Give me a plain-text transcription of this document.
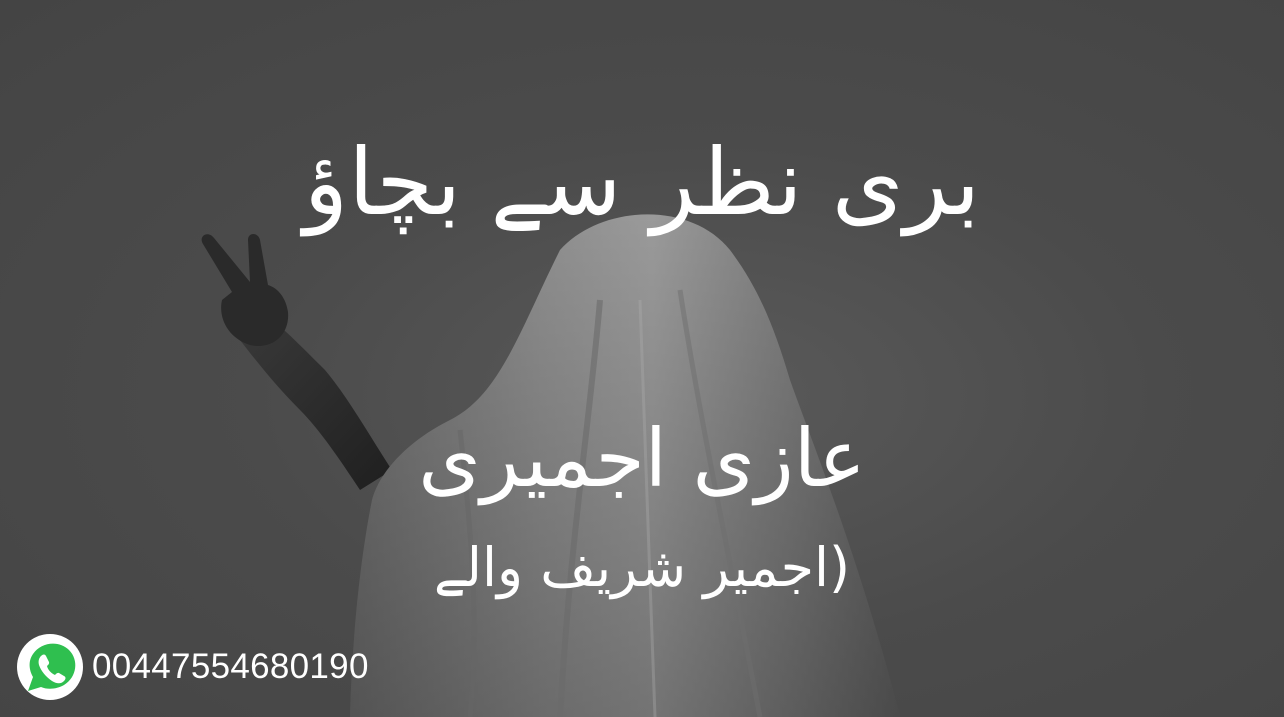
بری نظر سے بچاؤ
عازی اجمیری
(اجمیر شریف والے
00447554680190
